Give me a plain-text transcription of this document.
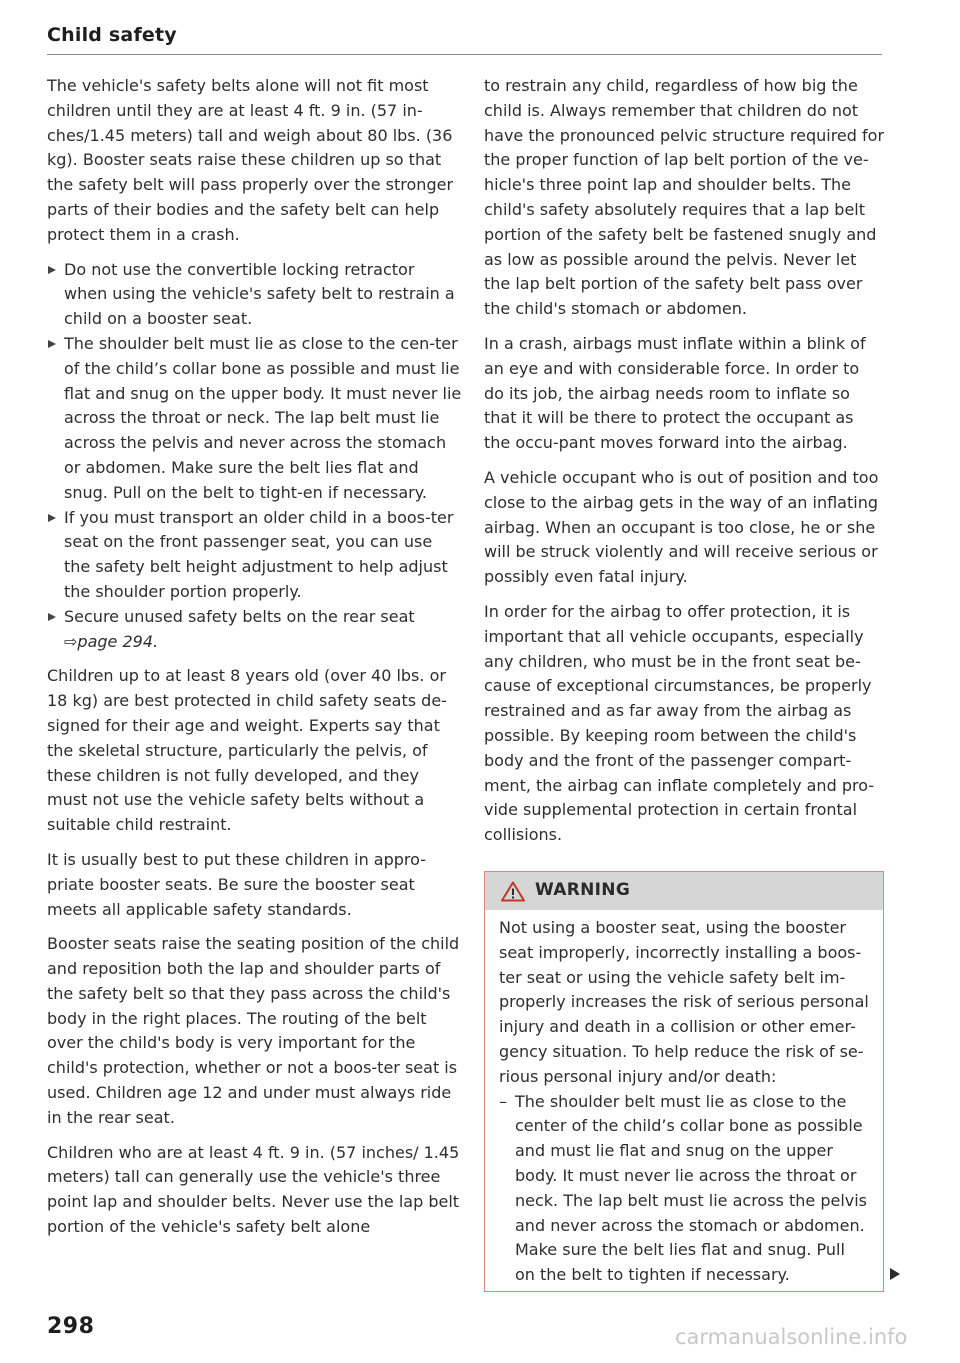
Child safety

The vehicle's safety belts alone will not fit most children until they are at least 4 ft. 9 in. (57 in-ches/1.45 meters) tall and weigh about 80 lbs. (36 kg). Booster seats raise these children up so that the safety belt will pass properly over the stronger parts of their bodies and the safety belt can help protect them in a crash.

Do not use the convertible locking retractor when using the vehicle's safety belt to restrain a child on a booster seat.
The shoulder belt must lie as close to the cen-ter of the child’s collar bone as possible and must lie flat and snug on the upper body. It must never lie across the throat or neck. The lap belt must lie across the pelvis and never across the stomach or abdomen. Make sure the belt lies flat and snug. Pull on the belt to tight-en if necessary.
If you must transport an older child in a boos-ter seat on the front passenger seat, you can use the safety belt height adjustment to help adjust the shoulder portion properly.
Secure unused safety belts on the rear seat
⇨page 294.

Children up to at least 8 years old (over 40 lbs. or 18 kg) are best protected in child safety seats de-signed for their age and weight. Experts say that the skeletal structure, particularly the pelvis, of these children is not fully developed, and they must not use the vehicle safety belts without a suitable child restraint.

It is usually best to put these children in appro-priate booster seats. Be sure the booster seat meets all applicable safety standards.

Booster seats raise the seating position of the child and reposition both the lap and shoulder parts of the safety belt so that they pass across the child's body in the right places. The routing of the belt over the child's body is very important for the child's protection, whether or not a boos-ter seat is used. Children age 12 and under must always ride in the rear seat.

Children who are at least 4 ft. 9 in. (57 inches/ 1.45 meters) tall can generally use the vehicle's three point lap and shoulder belts. Never use the lap belt portion of the vehicle's safety belt alone

to restrain any child, regardless of how big the child is. Always remember that children do not have the pronounced pelvic structure required for the proper function of lap belt portion of the ve-hicle's three point lap and shoulder belts. The child's safety absolutely requires that a lap belt portion of the safety belt be fastened snugly and as low as possible around the pelvis. Never let the lap belt portion of the safety belt pass over the child's stomach or abdomen.

In a crash, airbags must inflate within a blink of an eye and with considerable force. In order to do its job, the airbag needs room to inflate so that it will be there to protect the occupant as the occu-pant moves forward into the airbag.

A vehicle occupant who is out of position and too close to the airbag gets in the way of an inflating airbag. When an occupant is too close, he or she will be struck violently and will receive serious or possibly even fatal injury.

In order for the airbag to offer protection, it is important that all vehicle occupants, especially any children, who must be in the front seat be-cause of exceptional circumstances, be properly restrained and as far away from the airbag as possible. By keeping room between the child's body and the front of the passenger compart-ment, the airbag can inflate completely and pro-vide supplemental protection in certain frontal collisions.

WARNING

Not using a booster seat, using the booster seat improperly, incorrectly installing a boos-ter seat or using the vehicle safety belt im-properly increases the risk of serious personal injury and death in a collision or other emer-gency situation. To help reduce the risk of se-rious personal injury and/or death:

– The shoulder belt must lie as close to the center of the child’s collar bone as possible and must lie flat and snug on the upper body. It must never lie across the throat or neck. The lap belt must lie across the pelvis and never across the stomach or abdomen. Make sure the belt lies flat and snug. Pull on the belt to tighten if necessary.
298	carmanualsonline.info
